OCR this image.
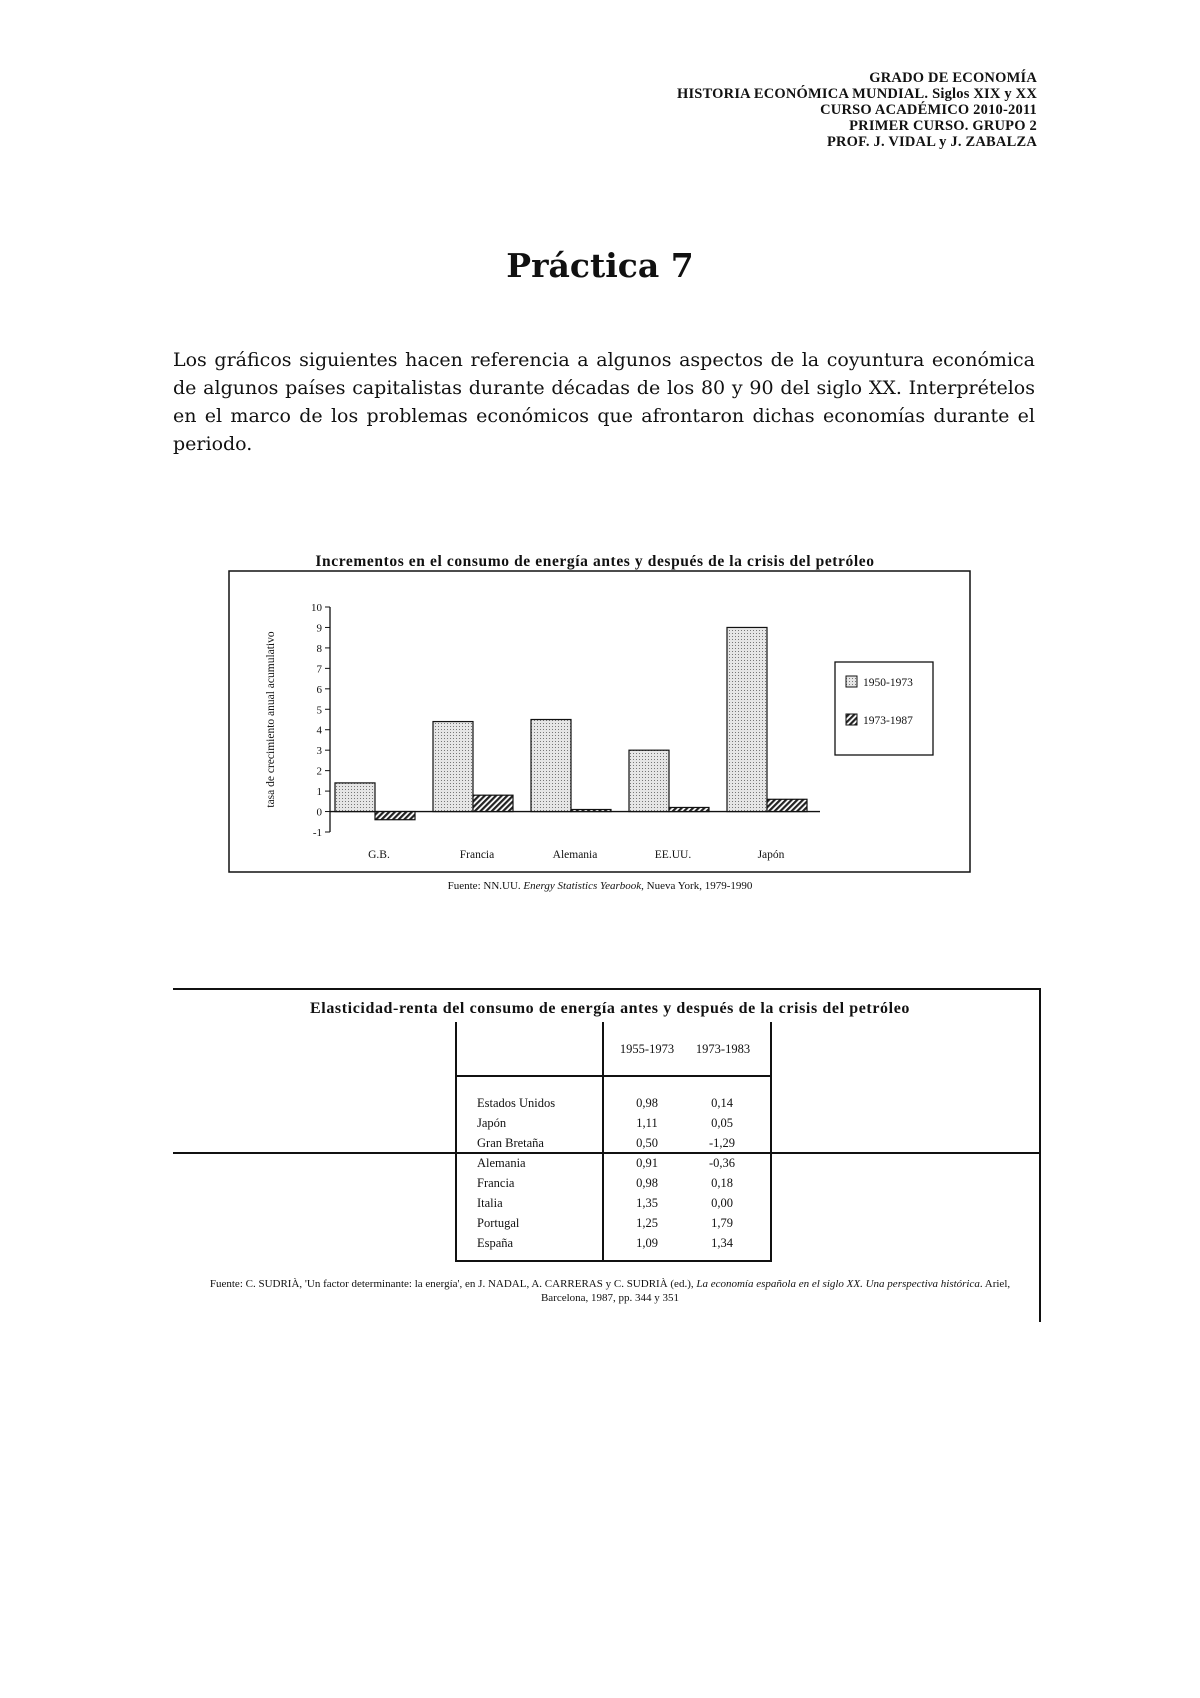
GRADO DE ECONOMÍA
HISTORIA ECONÓMICA MUNDIAL. Siglos XIX y XX
CURSO ACADÉMICO 2010-2011
PRIMER CURSO. GRUPO 2
PROF. J. VIDAL y J. ZABALZA
Práctica 7

Los gráficos siguientes hacen referencia a algunos aspectos de la coyuntura económica de algunos países capitalistas durante décadas de los 80 y 90 del siglo XX. Interprételos en el marco de los problemas económicos que afrontaron dichas economías durante el periodo.

Incrementos en el consumo de energía antes y después de la crisis del petróleo
-1
0
1
2
3
4
5
6
7
8
9
10
tasa de crecimiento anual acumulativo
G.B.	Francia	Alemania	EE.UU.	Japón
1950-1973
1973-1987
Fuente: NN.UU. Energy Statistics Yearbook, Nueva York, 1979-1990
Elasticidad-renta del consumo de energía antes y después de la crisis del petróleo
1955-1973	1973-1983
Estados Unidos	0,98	0,14
Japón	1,11	0,05
Gran Bretaña	0,50	-1,29
Alemania	0,91	-0,36
Francia	0,98	0,18
Italia	1,35	0,00
Portugal	1,25	1,79
España	1,09	1,34
Fuente: C. SUDRIÀ, 'Un factor determinante: la energía', en J. NADAL, A. CARRERAS y C. SUDRIÀ (ed.), La economía española en el siglo XX. Una perspectiva histórica. Ariel, Barcelona, 1987, pp. 344 y 351
